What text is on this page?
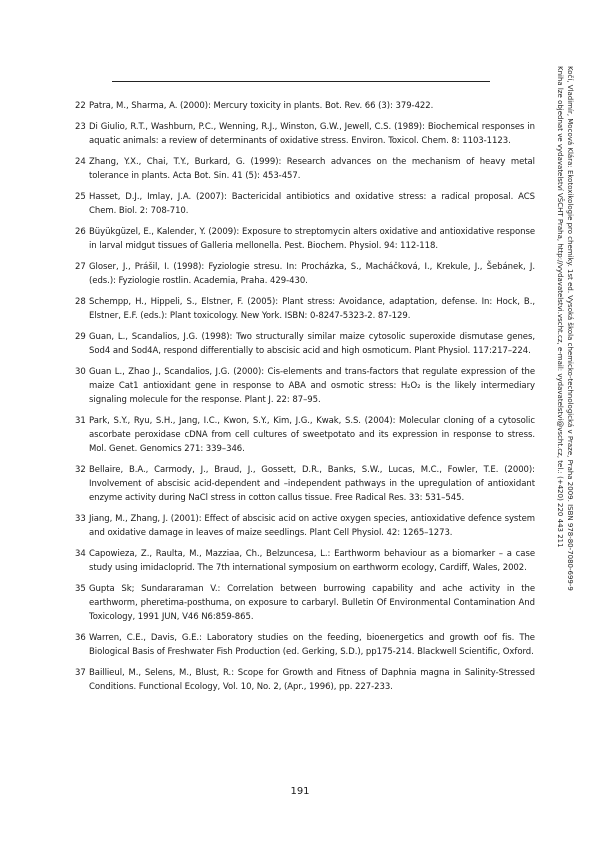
22 Patra, M., Sharma, A. (2000): Mercury toxicity in plants. Bot. Rev. 66 (3): 379-422.
23 Di Giulio, R.T., Washburn, P.C., Wenning, R.J., Winston, G.W., Jewell, C.S. (1989): Biochemical responses in aquatic animals: a review of determinants of oxidative stress. Environ. Toxicol. Chem. 8: 1103-1123.
24 Zhang, Y.X., Chai, T.Y., Burkard, G. (1999): Research advances on the mechanism of heavy metal tolerance in plants. Acta Bot. Sin. 41 (5): 453-457.
25 Hasset, D.J., Imlay, J.A. (2007): Bactericidal antibiotics and oxidative stress: a radical proposal. ACS Chem. Biol. 2: 708-710.
26 Büyükgüzel, E., Kalender, Y. (2009): Exposure to streptomycin alters oxidative and antioxidative response in larval midgut tissues of Galleria mellonella. Pest. Biochem. Physiol. 94: 112-118.
27 Gloser, J., Prášil, I. (1998): Fyziologie stresu. In: Procházka, S., Macháčková, I., Krekule, J., Šebánek, J. (eds.): Fyziologie rostlin. Academia, Praha. 429-430.
28 Schempp, H., Hippeli, S., Elstner, F. (2005): Plant stress: Avoidance, adaptation, defense. In: Hock, B., Elstner, E.F. (eds.): Plant toxicology. New York. ISBN: 0-8247-5323-2. 87-129.
29 Guan, L., Scandalios, J.G. (1998): Two structurally similar maize cytosolic superoxide dismutase genes, Sod4 and Sod4A, respond differentially to abscisic acid and high osmoticum. Plant Physiol. 117:217–224.
30 Guan L., Zhao J., Scandalios, J.G. (2000): Cis-elements and trans-factors that regulate expression of the maize Cat1 antioxidant gene in response to ABA and osmotic stress: H₂O₂ is the likely intermediary signaling molecule for the response. Plant J. 22: 87–95.
31 Park, S.Y., Ryu, S.H., Jang, I.C., Kwon, S.Y., Kim, J.G., Kwak, S.S. (2004): Molecular cloning of a cytosolic ascorbate peroxidase cDNA from cell cultures of sweetpotato and its expression in response to stress. Mol. Genet. Genomics 271: 339–346.
32 Bellaire, B.A., Carmody, J., Braud, J., Gossett, D.R., Banks, S.W., Lucas, M.C., Fowler, T.E. (2000): Involvement of abscisic acid-dependent and –independent pathways in the upregulation of antioxidant enzyme activity during NaCl stress in cotton callus tissue. Free Radical Res. 33: 531–545.
33 Jiang, M., Zhang, J. (2001): Effect of abscisic acid on active oxygen species, antioxidative defence system and oxidative damage in leaves of maize seedlings. Plant Cell Physiol. 42: 1265–1273.
34 Capowieza, Z., Raulta, M., Mazziaa, Ch., Belzuncesa, L.: Earthworm behaviour as a biomarker – a case study using imidacloprid. The 7th international symposium on earthworm ecology, Cardiff, Wales, 2002.
35 Gupta Sk; Sundararaman V.: Correlation between burrowing capability and ache activity in the earthworm, pheretima-posthuma, on exposure to carbaryl. Bulletin Of Environmental Contamination And Toxicology, 1991 JUN, V46 N6:859-865.
36 Warren, C.E., Davis, G.E.: Laboratory studies on the feeding, bioenergetics and growth oof fis. The Biological Basis of Freshwater Fish Production (ed. Gerking, S.D.), pp175-214. Blackwell Scientific, Oxford.
37 Baillieul, M., Selens, M., Blust, R.: Scope for Growth and Fitness of Daphnia magna in Salinity-Stressed Conditions. Functional Ecology, Vol. 10, No. 2, (Apr., 1996), pp. 227-233.
191
Kočí, Vladimír, Mocová Klára: Ekotoxikologie pro chemiky. 1st ed. Vysoká škola chemicko-technologická v Praze, Praha 2009. ISBN 978-80-7080-699-9
Kniha lze objednat ve vydavatelství VŠCHT Praha, http://vydavatelstvi.vscht.cz, e-mail: vydavatelstvi@vscht.cz, tel.: (+420) 220 443 211
